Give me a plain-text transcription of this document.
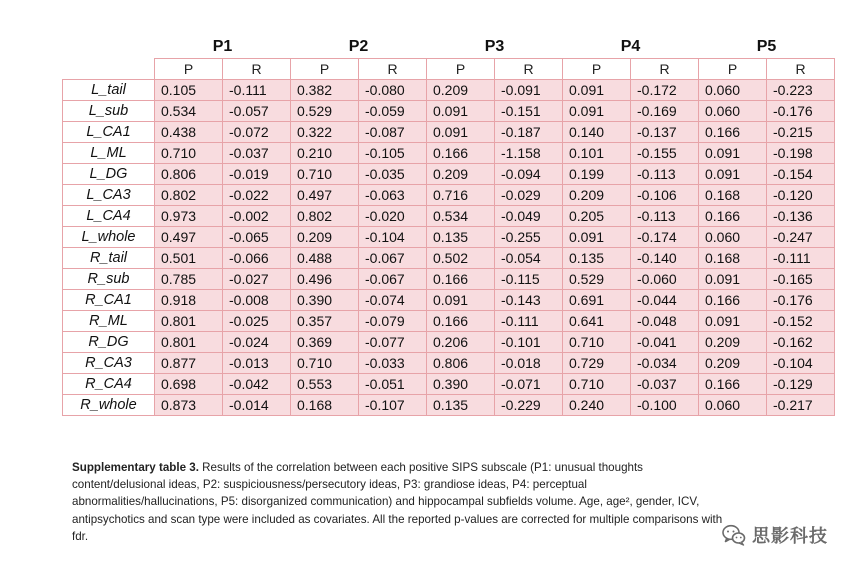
	P1		P2		P3		P4		P5	
	P	R	P	R	P	R	P	R	P	R
L_tail	0.105	-0.111	0.382	-0.080	0.209	-0.091	0.091	-0.172	0.060	-0.223
L_sub	0.534	-0.057	0.529	-0.059	0.091	-0.151	0.091	-0.169	0.060	-0.176
L_CA1	0.438	-0.072	0.322	-0.087	0.091	-0.187	0.140	-0.137	0.166	-0.215
L_ML	0.710	-0.037	0.210	-0.105	0.166	-1.158	0.101	-0.155	0.091	-0.198
L_DG	0.806	-0.019	0.710	-0.035	0.209	-0.094	0.199	-0.113	0.091	-0.154
L_CA3	0.802	-0.022	0.497	-0.063	0.716	-0.029	0.209	-0.106	0.168	-0.120
L_CA4	0.973	-0.002	0.802	-0.020	0.534	-0.049	0.205	-0.113	0.166	-0.136
L_whole	0.497	-0.065	0.209	-0.104	0.135	-0.255	0.091	-0.174	0.060	-0.247
R_tail	0.501	-0.066	0.488	-0.067	0.502	-0.054	0.135	-0.140	0.168	-0.111
R_sub	0.785	-0.027	0.496	-0.067	0.166	-0.115	0.529	-0.060	0.091	-0.165
R_CA1	0.918	-0.008	0.390	-0.074	0.091	-0.143	0.691	-0.044	0.166	-0.176
R_ML	0.801	-0.025	0.357	-0.079	0.166	-0.111	0.641	-0.048	0.091	-0.152
R_DG	0.801	-0.024	0.369	-0.077	0.206	-0.101	0.710	-0.041	0.209	-0.162
R_CA3	0.877	-0.013	0.710	-0.033	0.806	-0.018	0.729	-0.034	0.209	-0.104
R_CA4	0.698	-0.042	0.553	-0.051	0.390	-0.071	0.710	-0.037	0.166	-0.129
R_whole	0.873	-0.014	0.168	-0.107	0.135	-0.229	0.240	-0.100	0.060	-0.217
Supplementary table 3. Results of the correlation between each positive SIPS subscale (P1: unusual thoughts content/delusional ideas, P2: suspiciousness/persecutory ideas, P3: grandiose ideas, P4: perceptual abnormalities/hallucinations, P5: disorganized communication) and hippocampal subfields volume. Age, age², gender, ICV, antipsychotics and scan type were included as covariates. All the reported p-values are corrected for multiple comparisons with fdr.	思影科技
